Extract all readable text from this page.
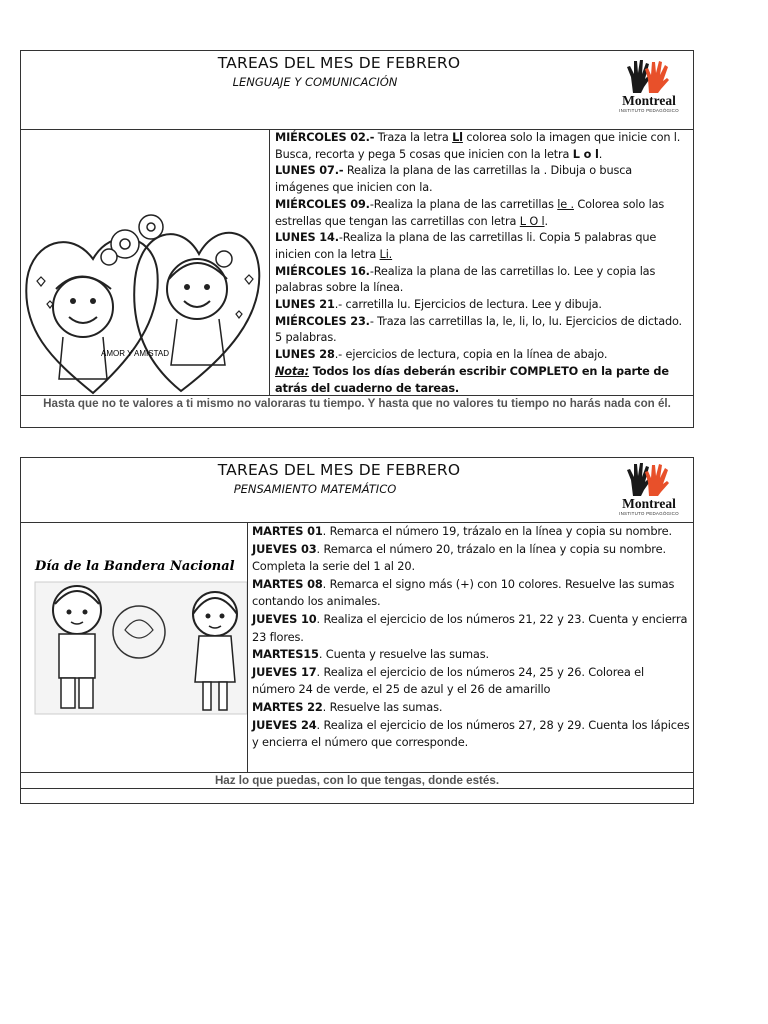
TAREAS DEL MES DE FEBRERO
LENGUAJE Y COMUNICACIÓN
Montreal
INSTITUTO PEDAGÓGICO
AMOR Y AMISTAD

MIÉRCOLES 02.- Traza la letra Ll colorea solo la imagen que inicie con l. Busca, recorta y pega 5 cosas que inicien con la letra L o l.

LUNES 07.- Realiza la plana de las carretillas la . Dibuja o busca imágenes que inicien con la.

MIÉRCOLES 09.-Realiza la plana de las carretillas le . Colorea solo las estrellas que tengan las carretillas con letra L O l.

LUNES 14.-Realiza la plana de las carretillas li. Copia 5 palabras que inicien con la letra Li.

MIÉRCOLES 16.-Realiza la plana de las carretillas lo. Lee y copia las palabras sobre la línea.

LUNES 21.- carretilla lu. Ejercicios de lectura. Lee y dibuja.

MIÉRCOLES 23.- Traza las carretillas la, le, li, lo, lu. Ejercicios de dictado. 5 palabras.

LUNES 28.- ejercicios de lectura, copia en la línea de abajo.

Nota: Todos los días deberán escribir COMPLETO en la parte de atrás del cuaderno de tareas.

Hasta que no te valores a ti mismo no valoraras tu tiempo. Y hasta que no valores tu tiempo no harás nada con él.
TAREAS DEL MES DE FEBRERO
PENSAMIENTO MATEMÁTICO
Montreal
INSTITUTO PEDAGÓGICO
Día de la Bandera Nacional

MARTES 01. Remarca el número 19, trázalo en la línea y copia su nombre.

JUEVES 03. Remarca el número 20, trázalo en la línea y copia su nombre. Completa la serie del 1 al 20.

MARTES 08. Remarca el signo más (+) con 10 colores. Resuelve las sumas contando los animales.

JUEVES 10. Realiza el ejercicio de los números 21, 22 y 23. Cuenta y encierra 23 flores.

MARTES15. Cuenta y resuelve las sumas.

JUEVES 17. Realiza el ejercicio de los números 24, 25 y 26. Colorea el número 24 de verde, el 25 de azul y el 26 de amarillo

MARTES 22. Resuelve las sumas.

JUEVES 24. Realiza el ejercicio de los números 27, 28 y 29. Cuenta los lápices y encierra el número que corresponde.

Haz lo que puedas, con lo que tengas, donde estés.
